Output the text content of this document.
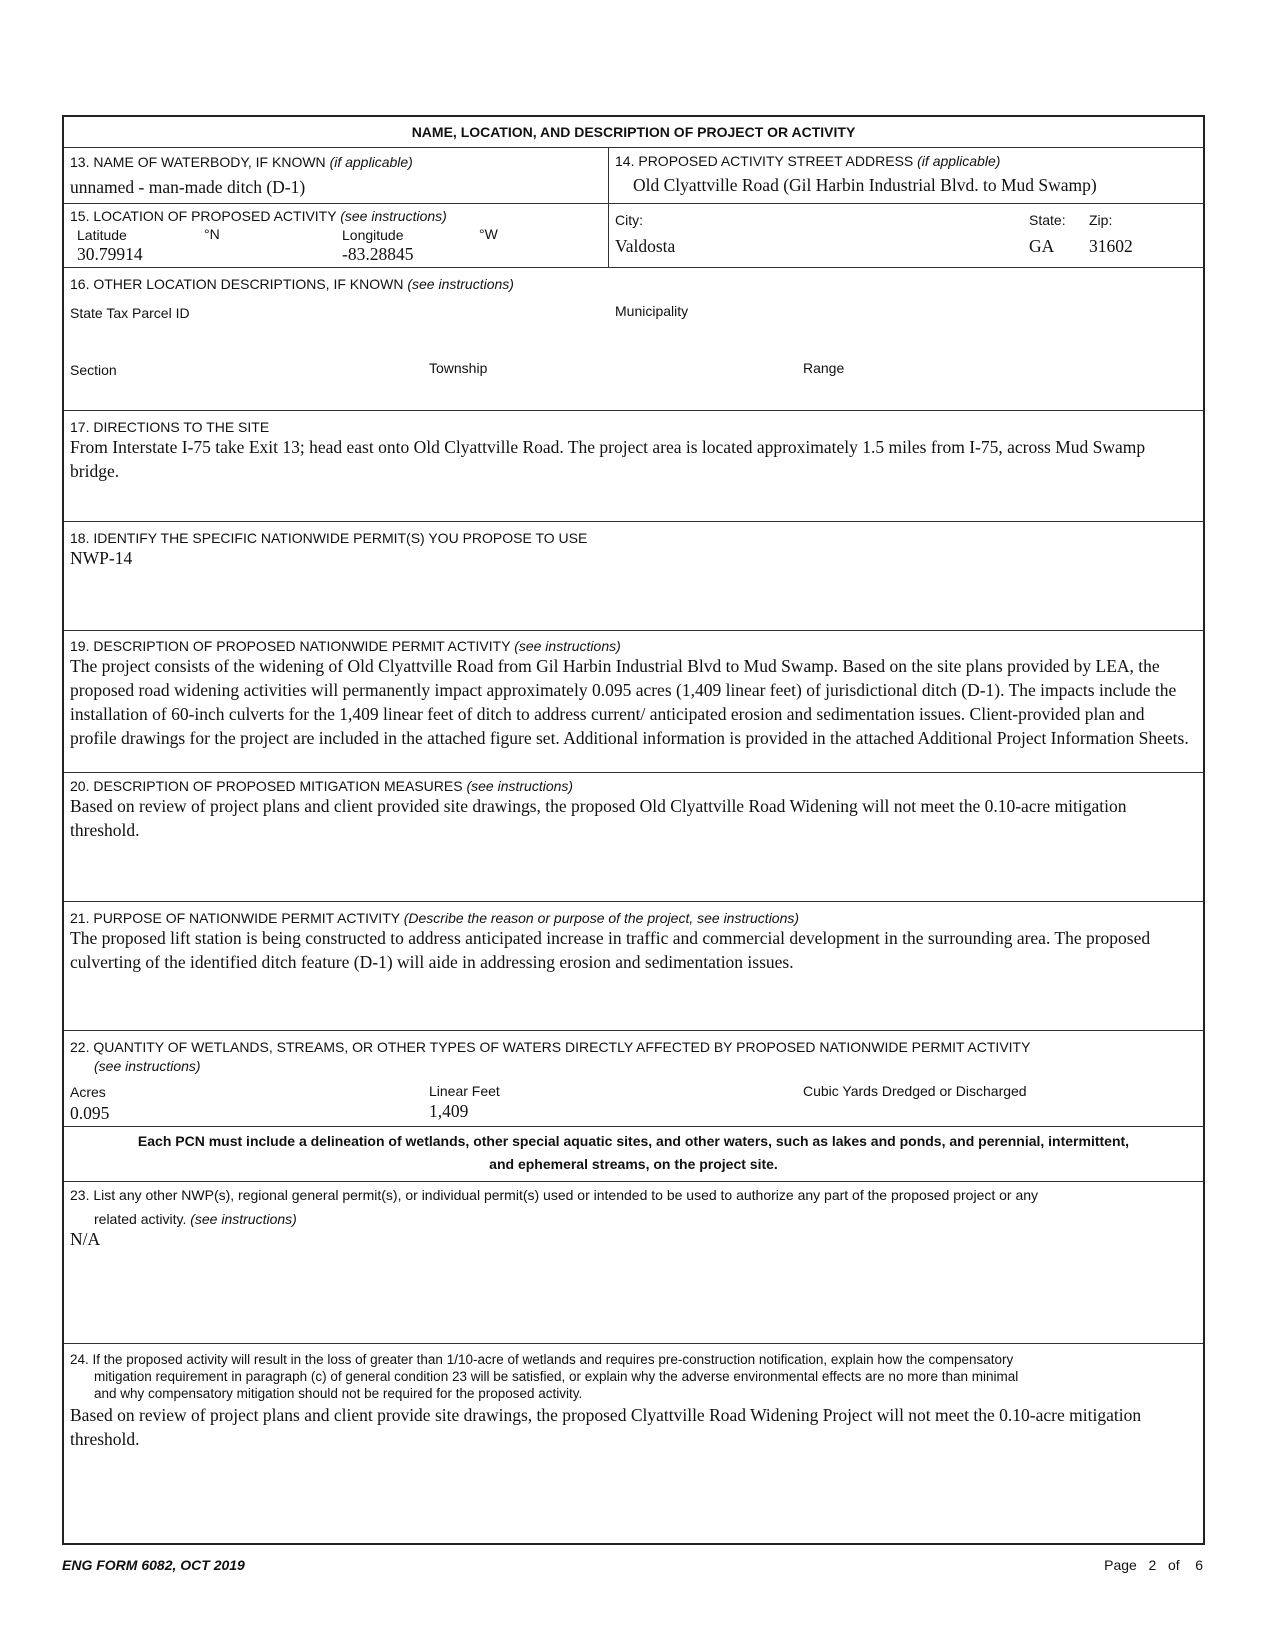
NAME, LOCATION, AND DESCRIPTION OF PROJECT OR ACTIVITY
13. NAME OF WATERBODY, IF KNOWN (if applicable)
unnamed - man-made ditch (D-1)
14. PROPOSED ACTIVITY STREET ADDRESS (if applicable)
Old Clyattville Road (Gil Harbin Industrial Blvd. to Mud Swamp)
15. LOCATION OF PROPOSED ACTIVITY (see instructions)
Latitude	°N
30.79914
Longitude	°W
-83.28845
City:
Valdosta
State:
GA
Zip:
31602
16. OTHER LOCATION DESCRIPTIONS, IF KNOWN (see instructions)
State Tax Parcel ID	Municipality
Section	Township	Range
17. DIRECTIONS TO THE SITE
From Interstate I-75 take Exit 13; head east onto Old Clyattville Road. The project area is located approximately 1.5 miles from I-75, across Mud Swamp bridge.
18. IDENTIFY THE SPECIFIC NATIONWIDE PERMIT(S) YOU PROPOSE TO USE
NWP-14
19. DESCRIPTION OF PROPOSED NATIONWIDE PERMIT ACTIVITY (see instructions)
The project consists of the widening of Old Clyattville Road from Gil Harbin Industrial Blvd to Mud Swamp. Based on the site plans provided by LEA, the proposed road widening activities will permanently impact approximately 0.095 acres (1,409 linear feet) of jurisdictional ditch (D-1). The impacts include the installation of 60-inch culverts for the 1,409 linear feet of ditch to address current/ anticipated erosion and sedimentation issues. Client-provided plan and profile drawings for the project are included in the attached figure set. Additional information is provided in the attached Additional Project Information Sheets.
20. DESCRIPTION OF PROPOSED MITIGATION MEASURES (see instructions)
Based on review of project plans and client provided site drawings, the proposed Old Clyattville Road Widening will not meet the 0.10-acre mitigation threshold.
21. PURPOSE OF NATIONWIDE PERMIT ACTIVITY (Describe the reason or purpose of the project, see instructions)
The proposed lift station is being constructed to address anticipated increase in traffic and commercial development in the surrounding area. The proposed culverting of the identified ditch feature (D-1) will aide in addressing erosion and sedimentation issues.
22. QUANTITY OF WETLANDS, STREAMS, OR OTHER TYPES OF WATERS DIRECTLY AFFECTED BY PROPOSED NATIONWIDE PERMIT ACTIVITY
(see instructions)
Acres
0.095
Linear Feet
1,409
Cubic Yards Dredged or Discharged
Each PCN must include a delineation of wetlands, other special aquatic sites, and other waters, such as lakes and ponds, and perennial, intermittent,
and ephemeral streams, on the project site.
23. List any other NWP(s), regional general permit(s), or individual permit(s) used or intended to be used to authorize any part of the proposed project or any
related activity. (see instructions)
N/A
24. If the proposed activity will result in the loss of greater than 1/10-acre of wetlands and requires pre-construction notification, explain how the compensatory
mitigation requirement in paragraph (c) of general condition 23 will be satisfied, or explain why the adverse environmental effects are no more than minimal
and why compensatory mitigation should not be required for the proposed activity.
Based on review of project plans and client provide site drawings, the proposed Clyattville Road Widening Project will not meet the 0.10-acre mitigation threshold.
ENG FORM 6082, OCT 2019	Page 2 of 6
